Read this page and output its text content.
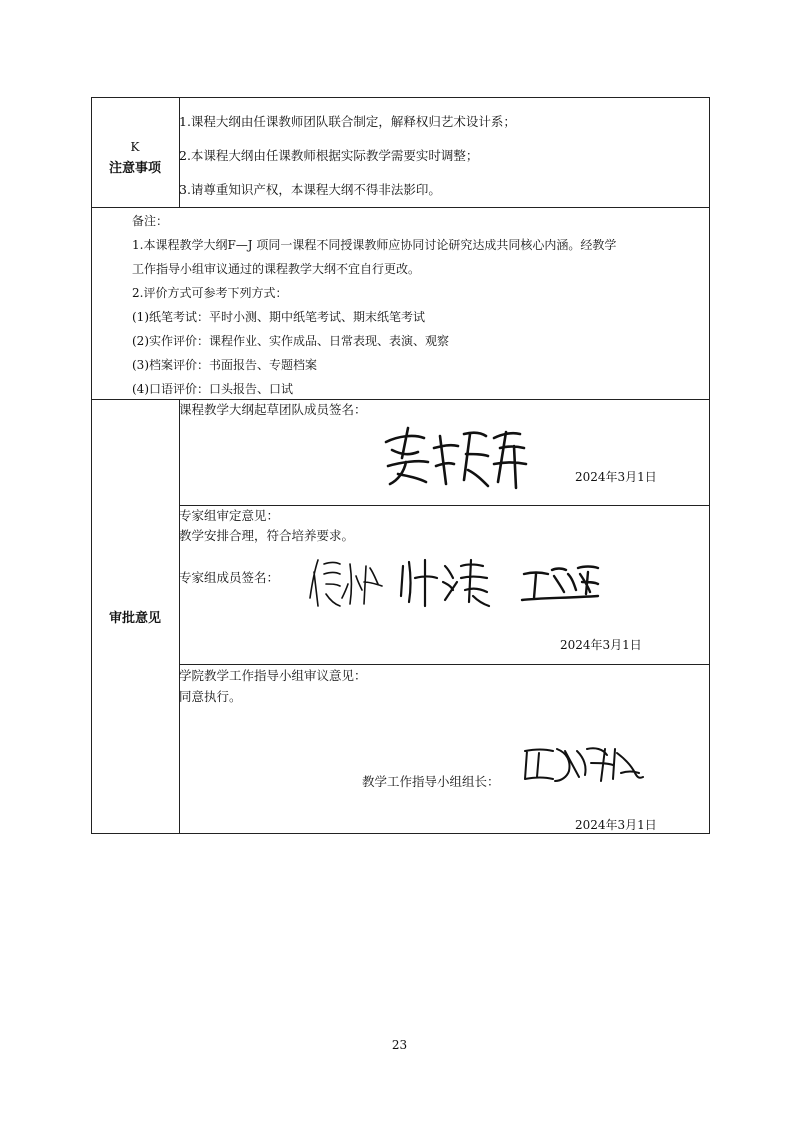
K
注意事项
1.课程大纲由任课教师团队联合制定，解释权归艺术设计系；
2.本课程大纲由任课教师根据实际教学需要实时调整；
3.请尊重知识产权，本课程大纲不得非法影印。
备注：
1.本课程教学大纲F—J 项同一课程不同授课教师应协同讨论研究达成共同核心内涵。经教学
工作指导小组审议通过的课程教学大纲不宜自行更改。
2.评价方式可参考下列方式：
(1)纸笔考试：平时小测、期中纸笔考试、期末纸笔考试
(2)实作评价：课程作业、实作成品、日常表现、表演、观察
(3)档案评价：书面报告、专题档案
(4)口语评价：口头报告、口试
审批意见
课程教学大纲起草团队成员签名：
2024年3月1日
专家组审定意见：
教学安排合理，符合培养要求。
专家组成员签名：
2024年3月1日
学院教学工作指导小组审议意见：
同意执行。
教学工作指导小组组长：
2024年3月1日
23
